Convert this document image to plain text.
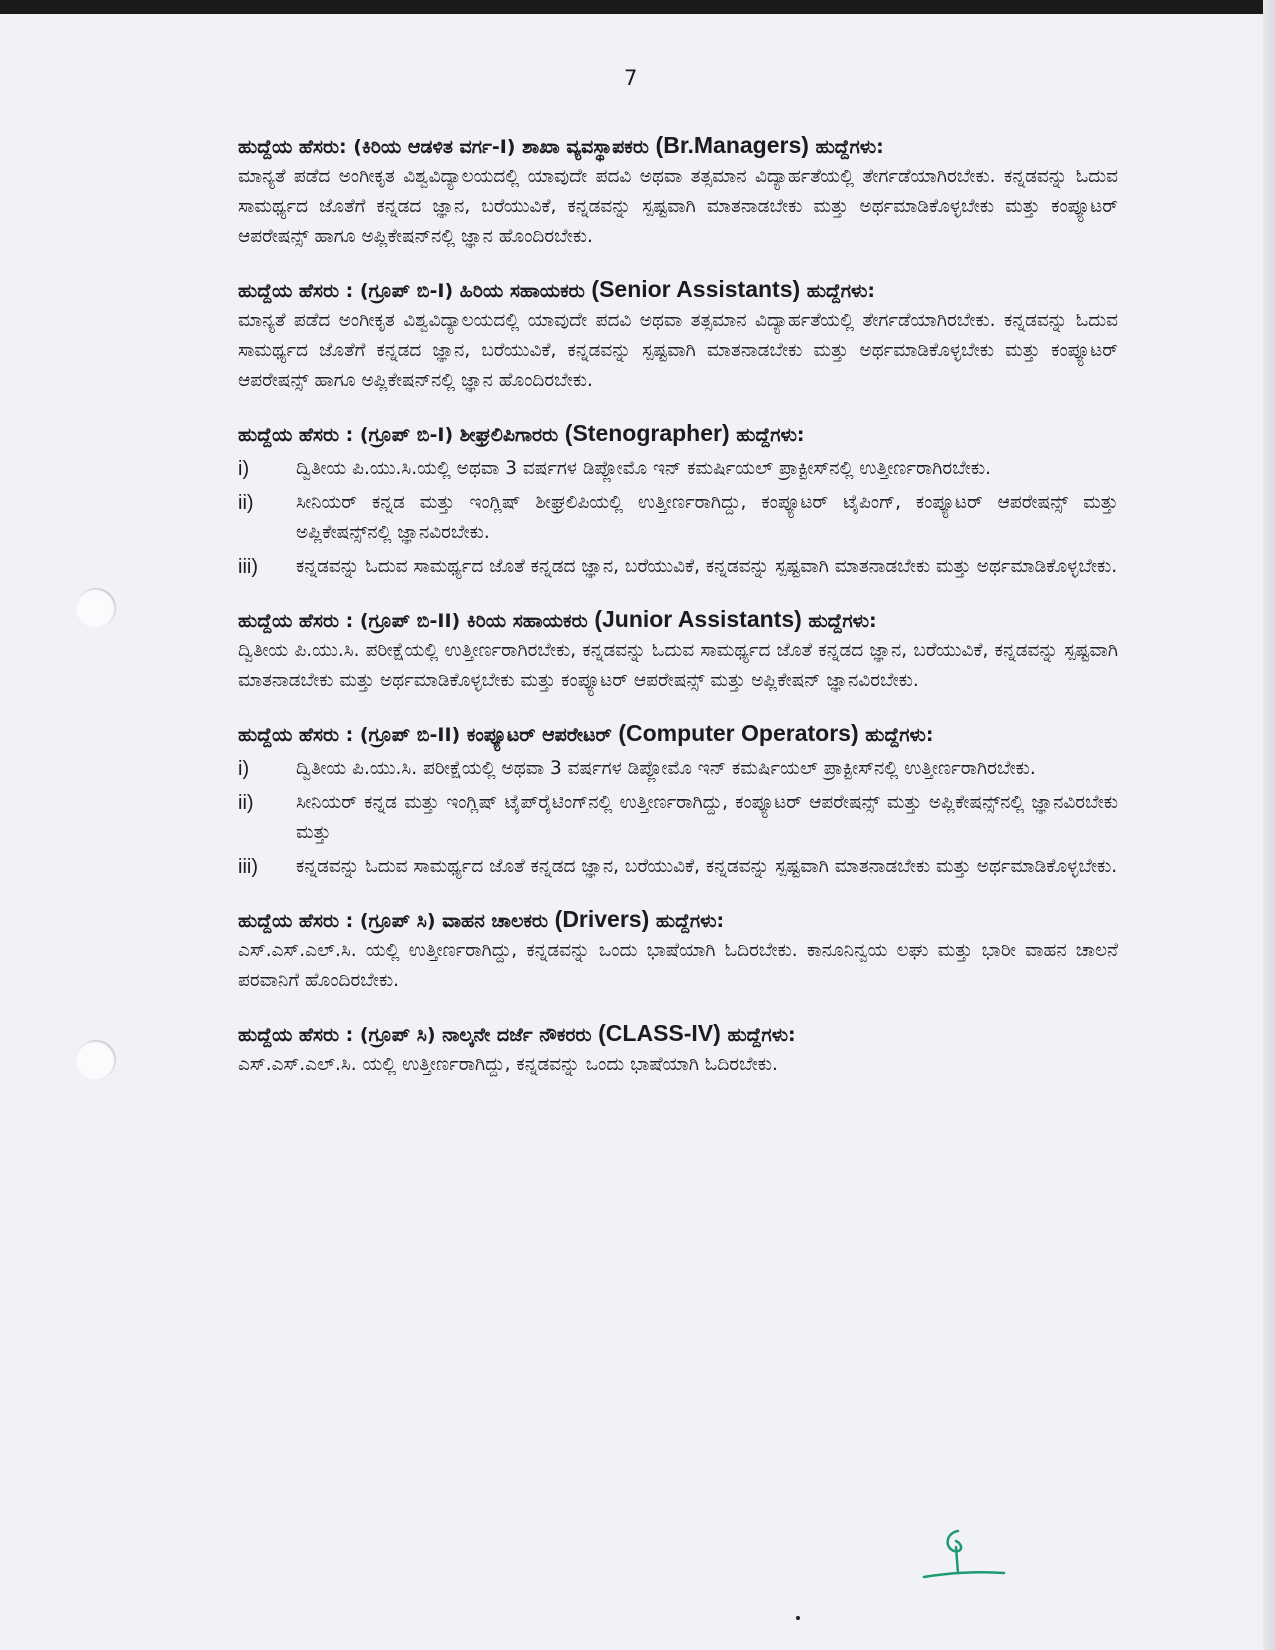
7
ಹುದ್ದೆಯ ಹೆಸರು: (ಕಿರಿಯ ಆಡಳಿತ ವರ್ಗ-I) ಶಾಖಾ ವ್ಯವಸ್ಥಾಪಕರು (Br.Managers) ಹುದ್ದೆಗಳು:
ಮಾನ್ಯತೆ ಪಡೆದ ಅಂಗೀಕೃತ ವಿಶ್ವವಿದ್ಯಾಲಯದಲ್ಲಿ ಯಾವುದೇ ಪದವಿ ಅಥವಾ ತತ್ಸಮಾನ ವಿದ್ಯಾರ್ಹತೆಯಲ್ಲಿ ತೇರ್ಗಡೆಯಾಗಿರಬೇಕು. ಕನ್ನಡವನ್ನು ಓದುವ ಸಾಮರ್ಥ್ಯದ ಜೊತೆಗೆ ಕನ್ನಡದ ಜ್ಞಾನ, ಬರೆಯುವಿಕೆ, ಕನ್ನಡವನ್ನು ಸ್ಪಷ್ಟವಾಗಿ ಮಾತನಾಡಬೇಕು ಮತ್ತು ಅರ್ಥಮಾಡಿಕೊಳ್ಳಬೇಕು ಮತ್ತು ಕಂಪ್ಯೂಟರ್ ಆಪರೇಷನ್ಸ್ ಹಾಗೂ ಅಪ್ಲಿಕೇಷನ್‌ನಲ್ಲಿ ಜ್ಞಾನ ಹೊಂದಿರಬೇಕು.
ಹುದ್ದೆಯ ಹೆಸರು : (ಗ್ರೂಪ್ ಬಿ-I) ಹಿರಿಯ ಸಹಾಯಕರು (Senior Assistants) ಹುದ್ದೆಗಳು:
ಮಾನ್ಯತೆ ಪಡೆದ ಅಂಗೀಕೃತ ವಿಶ್ವವಿದ್ಯಾಲಯದಲ್ಲಿ ಯಾವುದೇ ಪದವಿ ಅಥವಾ ತತ್ಸಮಾನ ವಿದ್ಯಾರ್ಹತೆಯಲ್ಲಿ ತೇರ್ಗಡೆಯಾಗಿರಬೇಕು. ಕನ್ನಡವನ್ನು ಓದುವ ಸಾಮರ್ಥ್ಯದ ಜೊತೆಗೆ ಕನ್ನಡದ ಜ್ಞಾನ, ಬರೆಯುವಿಕೆ, ಕನ್ನಡವನ್ನು ಸ್ಪಷ್ಟವಾಗಿ ಮಾತನಾಡಬೇಕು ಮತ್ತು ಅರ್ಥಮಾಡಿಕೊಳ್ಳಬೇಕು ಮತ್ತು ಕಂಪ್ಯೂಟರ್ ಆಪರೇಷನ್ಸ್ ಹಾಗೂ ಅಪ್ಲಿಕೇಷನ್‌ನಲ್ಲಿ ಜ್ಞಾನ ಹೊಂದಿರಬೇಕು.
ಹುದ್ದೆಯ ಹೆಸರು : (ಗ್ರೂಪ್ ಬಿ-I) ಶೀಘ್ರಲಿಪಿಗಾರರು (Stenographer) ಹುದ್ದೆಗಳು:
i)	ದ್ವಿತೀಯ ಪಿ.ಯು.ಸಿ.ಯಲ್ಲಿ ಅಥವಾ 3 ವರ್ಷಗಳ ಡಿಪ್ಲೋಮೊ ಇನ್ ಕಮರ್ಷಿಯಲ್ ಪ್ರಾಕ್ಟೀಸ್‌ನಲ್ಲಿ ಉತ್ತೀರ್ಣರಾಗಿರಬೇಕು.
ii)	ಸೀನಿಯರ್ ಕನ್ನಡ ಮತ್ತು ಇಂಗ್ಲಿಷ್ ಶೀಘ್ರಲಿಪಿಯಲ್ಲಿ ಉತ್ತೀರ್ಣರಾಗಿದ್ದು, ಕಂಪ್ಯೂಟರ್ ಟೈಪಿಂಗ್, ಕಂಪ್ಯೂಟರ್ ಆಪರೇಷನ್ಸ್ ಮತ್ತು ಅಪ್ಲಿಕೇಷನ್ಸ್‌ನಲ್ಲಿ ಜ್ಞಾನವಿರಬೇಕು.
iii)	ಕನ್ನಡವನ್ನು ಓದುವ ಸಾಮರ್ಥ್ಯದ ಜೊತೆ ಕನ್ನಡದ ಜ್ಞಾನ, ಬರೆಯುವಿಕೆ, ಕನ್ನಡವನ್ನು ಸ್ಪಷ್ಟವಾಗಿ ಮಾತನಾಡಬೇಕು ಮತ್ತು ಅರ್ಥಮಾಡಿಕೊಳ್ಳಬೇಕು.
ಹುದ್ದೆಯ ಹೆಸರು : (ಗ್ರೂಪ್ ಬಿ-II) ಕಿರಿಯ ಸಹಾಯಕರು (Junior Assistants) ಹುದ್ದೆಗಳು:
ದ್ವಿತೀಯ ಪಿ.ಯು.ಸಿ. ಪರೀಕ್ಷೆಯಲ್ಲಿ ಉತ್ತೀರ್ಣರಾಗಿರಬೇಕು, ಕನ್ನಡವನ್ನು ಓದುವ ಸಾಮರ್ಥ್ಯದ ಜೊತೆ ಕನ್ನಡದ ಜ್ಞಾನ, ಬರೆಯುವಿಕೆ, ಕನ್ನಡವನ್ನು ಸ್ಪಷ್ಟವಾಗಿ ಮಾತನಾಡಬೇಕು ಮತ್ತು ಅರ್ಥಮಾಡಿಕೊಳ್ಳಬೇಕು ಮತ್ತು ಕಂಪ್ಯೂಟರ್ ಆಪರೇಷನ್ಸ್ ಮತ್ತು ಅಪ್ಲಿಕೇಷನ್ ಜ್ಞಾನವಿರಬೇಕು.
ಹುದ್ದೆಯ ಹೆಸರು : (ಗ್ರೂಪ್ ಬಿ-II) ಕಂಪ್ಯೂಟರ್ ಆಪರೇಟರ್ (Computer Operators) ಹುದ್ದೆಗಳು:
i)	ದ್ವಿತೀಯ ಪಿ.ಯು.ಸಿ. ಪರೀಕ್ಷೆಯಲ್ಲಿ ಅಥವಾ 3 ವರ್ಷಗಳ ಡಿಪ್ಲೋಮೊ ಇನ್ ಕಮರ್ಷಿಯಲ್ ಪ್ರಾಕ್ಟೀಸ್‌ನಲ್ಲಿ ಉತ್ತೀರ್ಣರಾಗಿರಬೇಕು.
ii)	ಸೀನಿಯರ್ ಕನ್ನಡ ಮತ್ತು ಇಂಗ್ಲಿಷ್ ಟೈಪ್‌ರೈಟಿಂಗ್‌ನಲ್ಲಿ ಉತ್ತೀರ್ಣರಾಗಿದ್ದು, ಕಂಪ್ಯೂಟರ್ ಆಪರೇಷನ್ಸ್ ಮತ್ತು ಅಪ್ಲಿಕೇಷನ್ಸ್‌ನಲ್ಲಿ ಜ್ಞಾನವಿರಬೇಕು ಮತ್ತು
iii)	ಕನ್ನಡವನ್ನು ಓದುವ ಸಾಮರ್ಥ್ಯದ ಜೊತೆ ಕನ್ನಡದ ಜ್ಞಾನ, ಬರೆಯುವಿಕೆ, ಕನ್ನಡವನ್ನು ಸ್ಪಷ್ಟವಾಗಿ ಮಾತನಾಡಬೇಕು ಮತ್ತು ಅರ್ಥಮಾಡಿಕೊಳ್ಳಬೇಕು.
ಹುದ್ದೆಯ ಹೆಸರು : (ಗ್ರೂಪ್ ಸಿ) ವಾಹನ ಚಾಲಕರು (Drivers) ಹುದ್ದೆಗಳು:
ಎಸ್.ಎಸ್.ಎಲ್.ಸಿ. ಯಲ್ಲಿ ಉತ್ತೀರ್ಣರಾಗಿದ್ದು, ಕನ್ನಡವನ್ನು ಒಂದು ಭಾಷೆಯಾಗಿ ಓದಿರಬೇಕು. ಕಾನೂನಿನ್ವಯ ಲಘು ಮತ್ತು ಭಾರೀ ವಾಹನ ಚಾಲನೆ ಪರವಾನಿಗೆ ಹೊಂದಿರಬೇಕು.
ಹುದ್ದೆಯ ಹೆಸರು : (ಗ್ರೂಪ್ ಸಿ) ನಾಲ್ಕನೇ ದರ್ಜೆ ನೌಕರರು (CLASS-IV) ಹುದ್ದೆಗಳು:
ಎಸ್.ಎಸ್.ಎಲ್.ಸಿ. ಯಲ್ಲಿ ಉತ್ತೀರ್ಣರಾಗಿದ್ದು, ಕನ್ನಡವನ್ನು ಒಂದು ಭಾಷೆಯಾಗಿ ಓದಿರಬೇಕು.
